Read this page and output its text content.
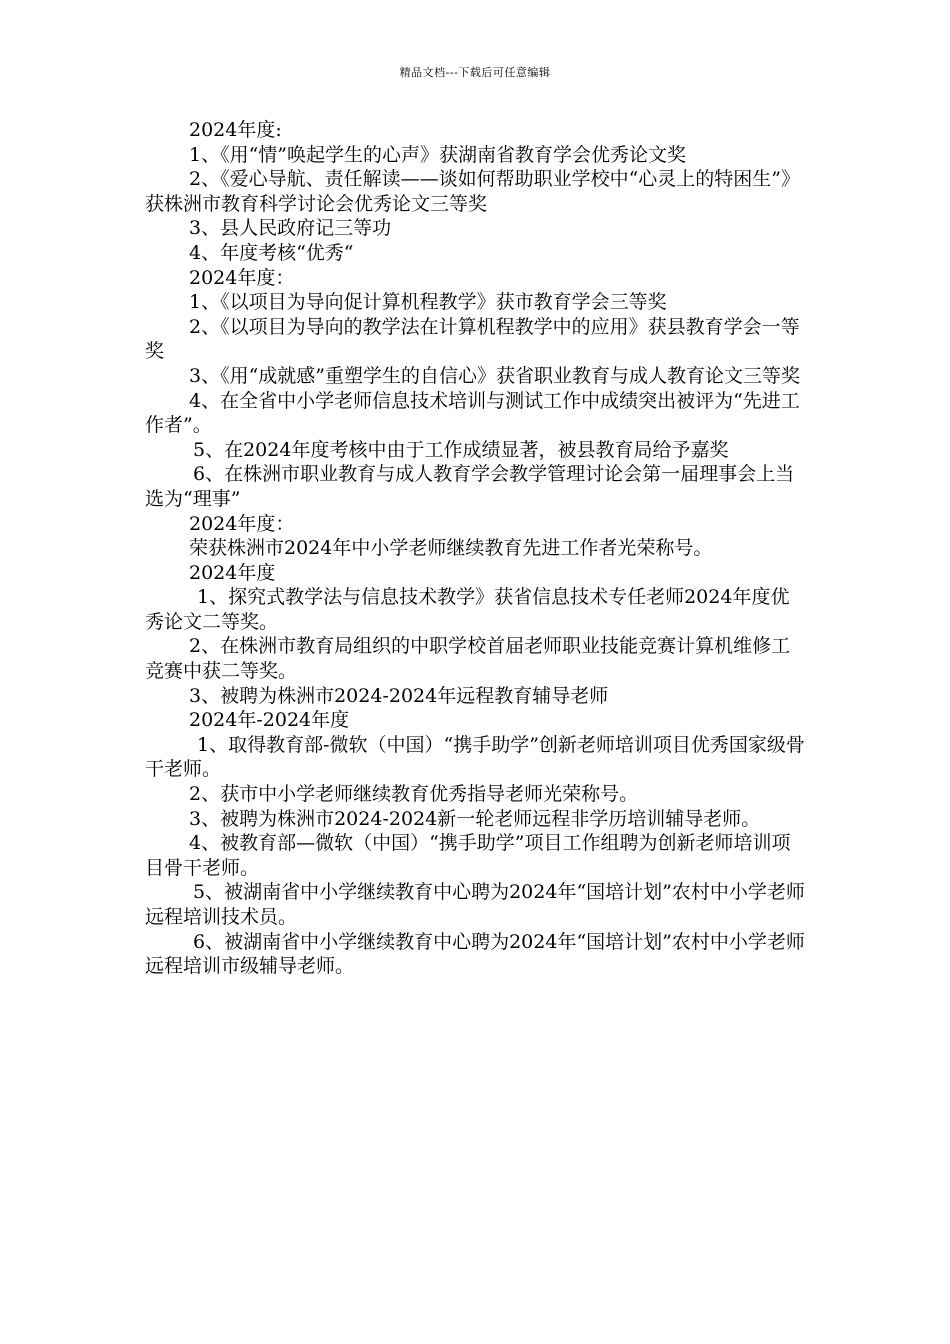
精品文档---下载后可任意编辑

2024年度:

1、《用“情”唤起学生的心声》获湖南省教育学会优秀论文奖

2、《爱心导航、责任解读——谈如何帮助职业学校中“心灵上的特困生”》获株洲市教育科学讨论会优秀论文三等奖

3、县人民政府记三等功

4、年度考核“优秀“

2024年度：

1、《以项目为导向促计算机程教学》获市教育学会三等奖

2、《以项目为导向的教学法在计算机程教学中的应用》获县教育学会一等奖

3、《用“成就感”重塑学生的自信心》获省职业教育与成人教育论文三等奖

4、在全省中小学老师信息技术培训与测试工作中成绩突出被评为“先进工作者”。

5、在2024年度考核中由于工作成绩显著，被县教育局给予嘉奖

6、在株洲市职业教育与成人教育学会教学管理讨论会第一届理事会上当选为“理事”

2024年度：

荣获株洲市2024年中小学老师继续教育先进工作者光荣称号。

2024年度

1、探究式教学法与信息技术教学》获省信息技术专任老师2024年度优秀论文二等奖。

2、在株洲市教育局组织的中职学校首届老师职业技能竞赛计算机维修工竞赛中获二等奖。

3、被聘为株洲市2024-2024年远程教育辅导老师

2024年-2024年度

1、取得教育部-微软（中国）“携手助学”创新老师培训项目优秀国家级骨干老师。

2、获市中小学老师继续教育优秀指导老师光荣称号。

3、被聘为株洲市2024-2024新一轮老师远程非学历培训辅导老师。

4、被教育部—微软（中国）“携手助学”项目工作组聘为创新老师培训项目骨干老师。

5、被湖南省中小学继续教育中心聘为2024年“国培计划”农村中小学老师远程培训技术员。

6、被湖南省中小学继续教育中心聘为2024年“国培计划”农村中小学老师远程培训市级辅导老师。
